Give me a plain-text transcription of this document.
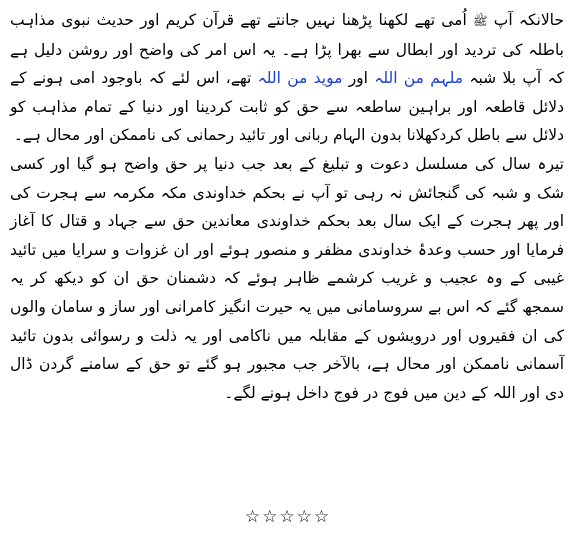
حالانکہ آپ ﷺ اُمی تھے لکھنا پڑھنا نہیں جانتے تھے قرآن کریم اور حدیث نبوی مذاہب باطلہ کی تردید اور ابطال سے بھرا پڑا ہے۔ یہ اس امر کی واضح اور روشن دلیل ہے کہ آپ بلا شبہ ملہم من اللہ اور موید من اللہ تھے، اس لئے کہ باوجود امی ہونے کے دلائل قاطعہ اور براہین ساطعہ سے حق کو ثابت کردینا اور دنیا کے تمام مذاہب کو دلائل سے باطل کردکھلانا بدون الہام ربانی اور تائید رحمانی کی ناممکن اور محال ہے۔

تیرہ سال کی مسلسل دعوت و تبلیغ کے بعد جب دنیا پر حق واضح ہو گیا اور کسی شک و شبہ کی گنجائش نہ رہی تو آپ نے بحکم خداوندی مکہ مکرمہ سے ہجرت کی اور پھر ہجرت کے ایک سال بعد بحکم خداوندی معاندین حق سے جہاد و قتال کا آغاز فرمایا اور حسب وعدۂ خداوندی مظفر و منصور ہوئے اور ان غزوات و سرایا میں تائید غیبی کے وہ عجیب و غریب کرشمے ظاہر ہوئے کہ دشمنان حق ان کو دیکھ کر یہ سمجھ گئے کہ اس بے سروسامانی میں یہ حیرت انگیز کامرانی اور ساز و سامان والوں کی ان فقیروں اور درویشوں کے مقابلہ میں ناکامی اور یہ ذلت و رسوائی بدون تائید آسمانی ناممکن اور محال ہے، بالآخر جب مجبور ہو گئے تو حق کے سامنے گردن ڈال دی اور اللہ کے دین میں فوج در فوج داخل ہونے لگے۔

☆☆☆☆☆
